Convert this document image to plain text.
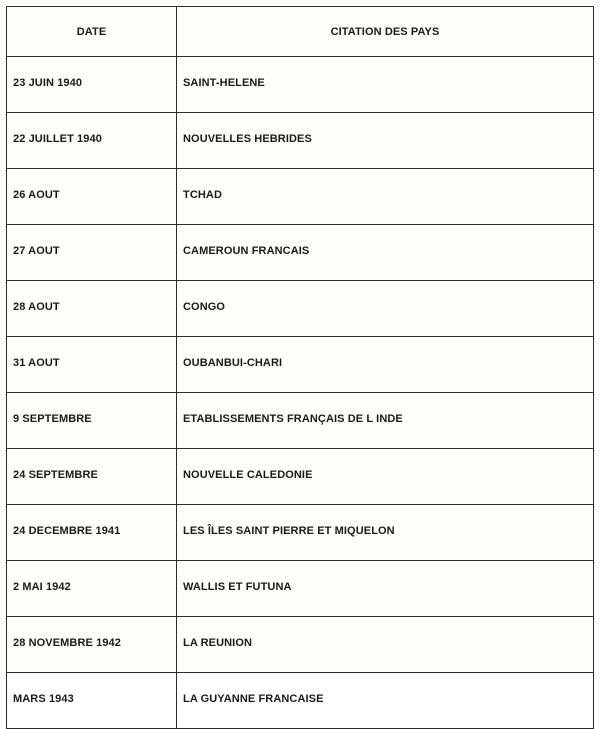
DATE	CITATION DES PAYS
23 JUIN 1940	SAINT-HELENE
22 JUILLET 1940	NOUVELLES HEBRIDES
26 AOUT	TCHAD
27 AOUT	CAMEROUN FRANCAIS
28 AOUT	CONGO
31 AOUT	OUBANBUI-CHARI
9 SEPTEMBRE	ETABLISSEMENTS FRANÇAIS DE L INDE
24 SEPTEMBRE	NOUVELLE CALEDONIE
24 DECEMBRE 1941	LES ÎLES SAINT PIERRE ET MIQUELON
2 MAI 1942	WALLIS ET FUTUNA
28 NOVEMBRE 1942	LA REUNION
MARS 1943	LA GUYANNE FRANCAISE
